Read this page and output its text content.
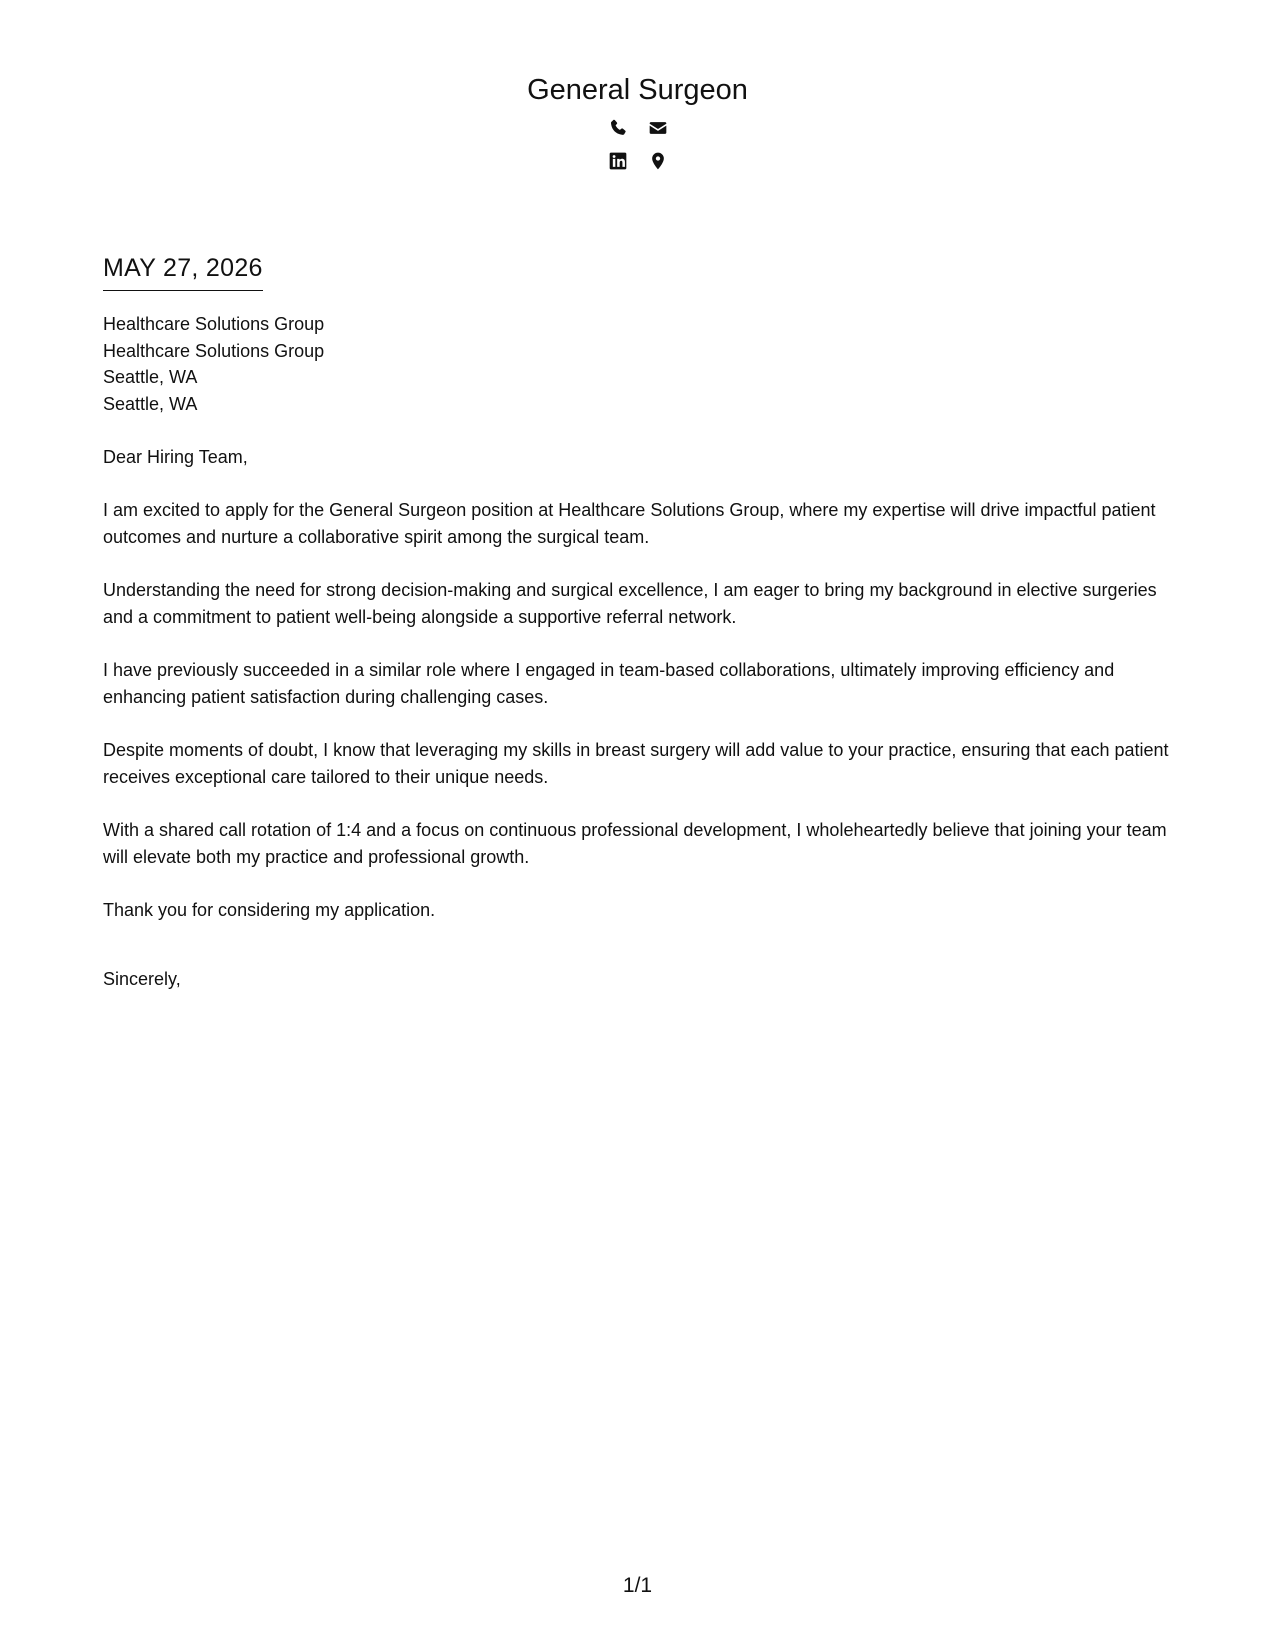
General Surgeon
MAY 27, 2026
Healthcare Solutions Group
Healthcare Solutions Group
Seattle, WA
Seattle, WA
Dear Hiring Team,
I am excited to apply for the General Surgeon position at Healthcare Solutions Group, where my expertise will drive impactful patient outcomes and nurture a collaborative spirit among the surgical team.
Understanding the need for strong decision-making and surgical excellence, I am eager to bring my background in elective surgeries and a commitment to patient well-being alongside a supportive referral network.
I have previously succeeded in a similar role where I engaged in team-based collaborations, ultimately improving efficiency and enhancing patient satisfaction during challenging cases.
Despite moments of doubt, I know that leveraging my skills in breast surgery will add value to your practice, ensuring that each patient receives exceptional care tailored to their unique needs.
With a shared call rotation of 1:4 and a focus on continuous professional development, I wholeheartedly believe that joining your team will elevate both my practice and professional growth.
Thank you for considering my application.
Sincerely,
1/1
